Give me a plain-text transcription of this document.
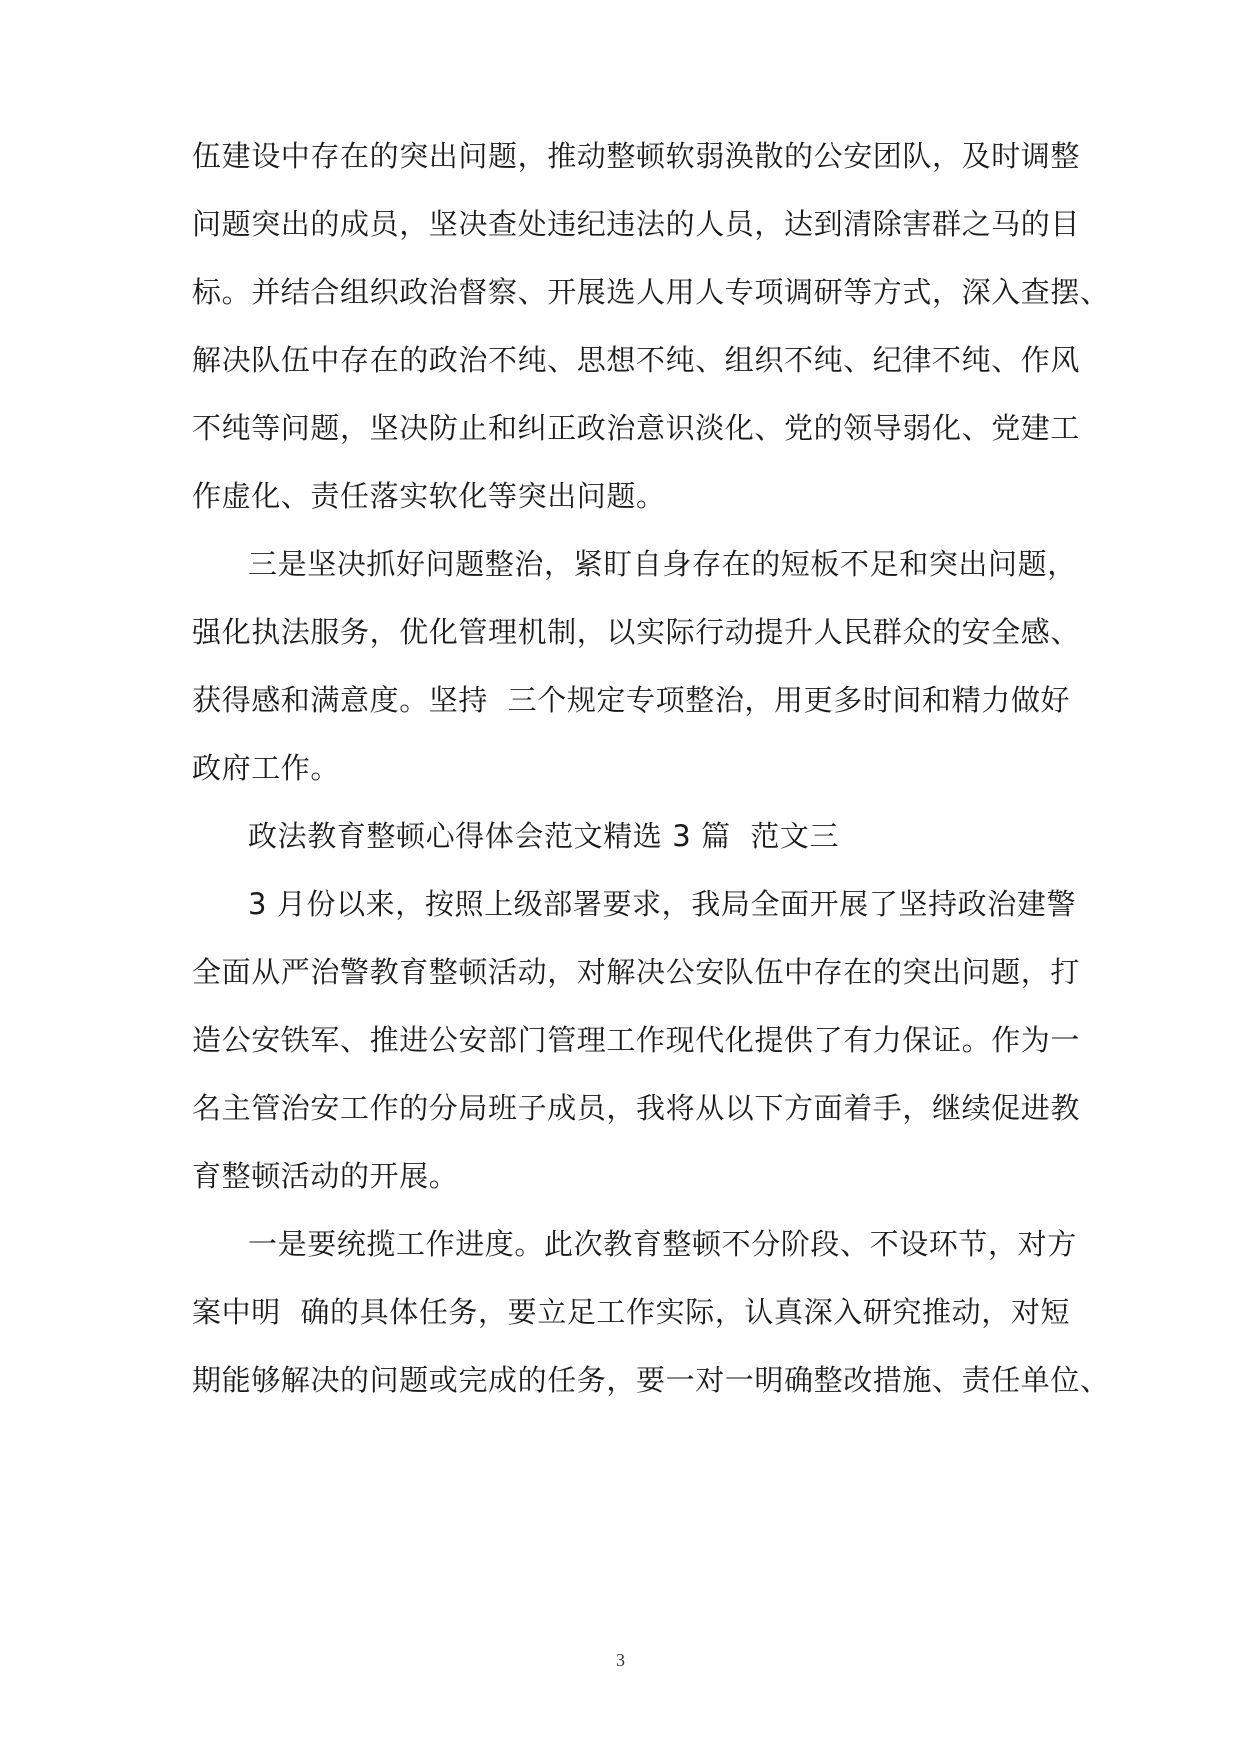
伍建设中存在的突出问题，推动整顿软弱涣散的公安团队，及时调整
问题突出的成员，坚决查处违纪违法的人员，达到清除害群之马的目
标。并结合组织政治督察、开展选人用人专项调研等方式，深入查摆、
解决队伍中存在的政治不纯、思想不纯、组织不纯、纪律不纯、作风
不纯等问题，坚决防止和纠正政治意识淡化、党的领导弱化、党建工
作虚化、责任落实软化等突出问题。
三是坚决抓好问题整治，紧盯自身存在的短板不足和突出问题，
强化执法服务，优化管理机制，以实际行动提升人民群众的安全感、
获得感和满意度。坚持  三个规定专项整治，用更多时间和精力做好
政府工作。
政法教育整顿心得体会范文精选 3 篇  范文三
3 月份以来，按照上级部署要求，我局全面开展了坚持政治建警
全面从严治警教育整顿活动，对解决公安队伍中存在的突出问题，打
造公安铁军、推进公安部门管理工作现代化提供了有力保证。作为一
名主管治安工作的分局班子成员，我将从以下方面着手，继续促进教
育整顿活动的开展。
一是要统揽工作进度。此次教育整顿不分阶段、不设环节，对方
案中明  确的具体任务，要立足工作实际，认真深入研究推动，对短
期能够解决的问题或完成的任务，要一对一明确整改措施、责任单位、
3
